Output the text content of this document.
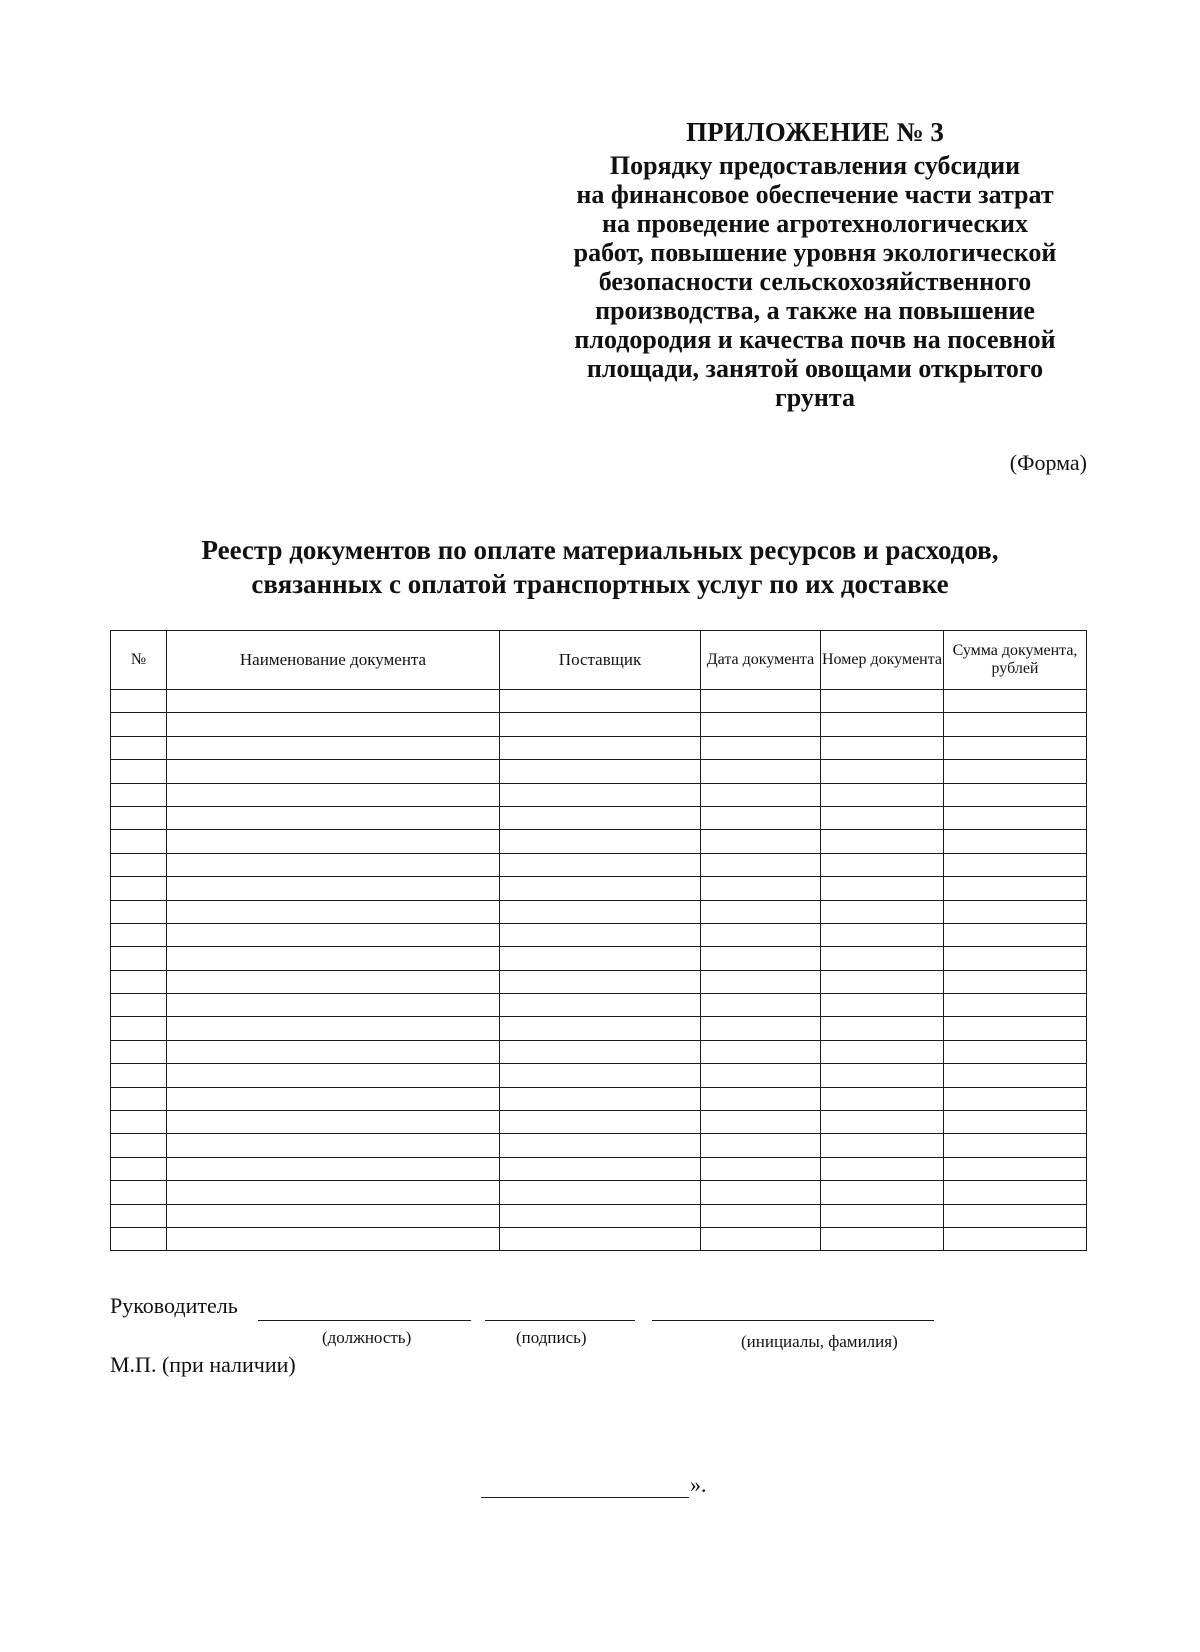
ПРИЛОЖЕНИЕ № 3
Порядку предоставления субсидии
на финансовое обеспечение части затрат
на проведение агротехнологических
работ, повышение уровня экологической
безопасности сельскохозяйственного
производства, а также на повышение
плодородия и качества почв на посевной
площади, занятой овощами открытого
грунта
(Форма)
Реестр документов по оплате материальных ресурсов и расходов,
связанных с оплатой транспортных услуг по их доставке
№	Наименование документа	Поставщик	Дата документа	Номер документа	Сумма документа, рублей

Руководитель
(должность)	(подпись)	(инициалы, фамилия)
М.П. (при наличии)
».
